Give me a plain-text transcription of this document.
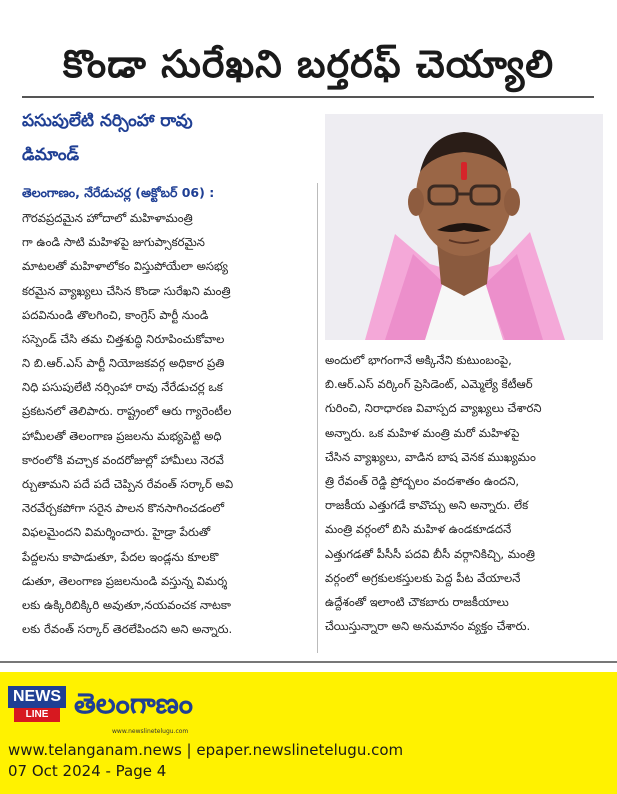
కొండా సురేఖని బర్తరఫ్ చెయ్యాలి
పసుపులేటి నర్సింహా రావు
డిమాండ్
తెలంగాణం, నేరేడుచర్ల (అక్టోబర్ 06) :
గౌరవప్రదమైన హోదాలో మహిళామంత్రి
గా ఉండి సాటి మహిళపై జుగుప్సాకరమైన
మాటలతో మహిళాలోకం విస్తుపోయేలా అసభ్య
కరమైన వ్యాఖ్యలు చేసిన కొండా సురేఖని మంత్రి
పదవినుండి తొలగించి, కాంగ్రెస్ పార్టీ నుండి
సస్పెండ్ చేసి తమ చిత్తశుద్ధి నిరూపించుకోవాల
ని బి.ఆర్.ఎస్ పార్టీ నియోజకవర్గ అధికార ప్రతి
నిధి పసుపులేటి నర్సింహా రావు నేరేడుచర్ల ఒక
ప్రకటనలో తెలిపారు. రాష్ట్రంలో ఆరు గ్యారెంటీల
హామీలతో తెలంగాణ ప్రజలను మభ్యపెట్టి అధి
కారంలోకి వచ్చాక వందరోజుల్లో హామీలు నెరవే
ర్చుతామని పదే పదే చెప్పిన రేవంత్ సర్కార్ అవి
నెరవేర్చకపోగా సరైన పాలన కొనసాగించడంలో
విఫలమైందని విమర్శించారు. హైడ్రా పేరుతో
పేద్దలను కాపాడుతూ, పేదల ఇండ్లను కూలకొ
డుతూ, తెలంగాణ ప్రజలనుండి వస్తున్న విమర్శ
లకు ఉక్కిరిబిక్కిరి అవుతూ,నయవంచక నాటకా
లకు రేవంత్ సర్కార్ తెరలేపిందని అని అన్నారు.
అందులో భాగంగానే అక్కినేని కుటుంబంపై,
బి.ఆర్.ఎస్ వర్కింగ్ ప్రెసిడెంట్, ఎమ్మెల్యే కేటీఆర్
గురించి, నిరాధారణ వివాస్పద వ్యాఖ్యలు చేశారని
అన్నారు. ఒక మహిళ మంత్రి మరో మహిళపై
చేసిన వ్యాఖ్యలు, వాడిన బాష వెనక ముఖ్యమం
త్రి రేవంత్ రెడ్డి ప్రోద్బలం వందశాతం ఉందని,
రాజకీయ ఎత్తుగడే కావొచ్చు అని అన్నారు. లేక
మంత్రి వర్గంలో బిసి మహిళ ఉండకూడదనే
ఎత్తుగడతో పీసీసీ పదవి బీసీ వర్గానికిచ్చి, మంత్రి
వర్గంలో అగ్రకులకస్తులకు పెద్ద పీట వేయాలనే
ఉద్దేశంతో ఇలాంటి చౌకబారు రాజకీయాలు
చేయిస్తున్నారా అని అనుమానం వ్యక్తం చేశారు.
NEWS
LINE తెలంగాణం
www.newslinetelugu.com
www.telanganam.news | epaper.newslinetelugu.com
07 Oct 2024 - Page 4
